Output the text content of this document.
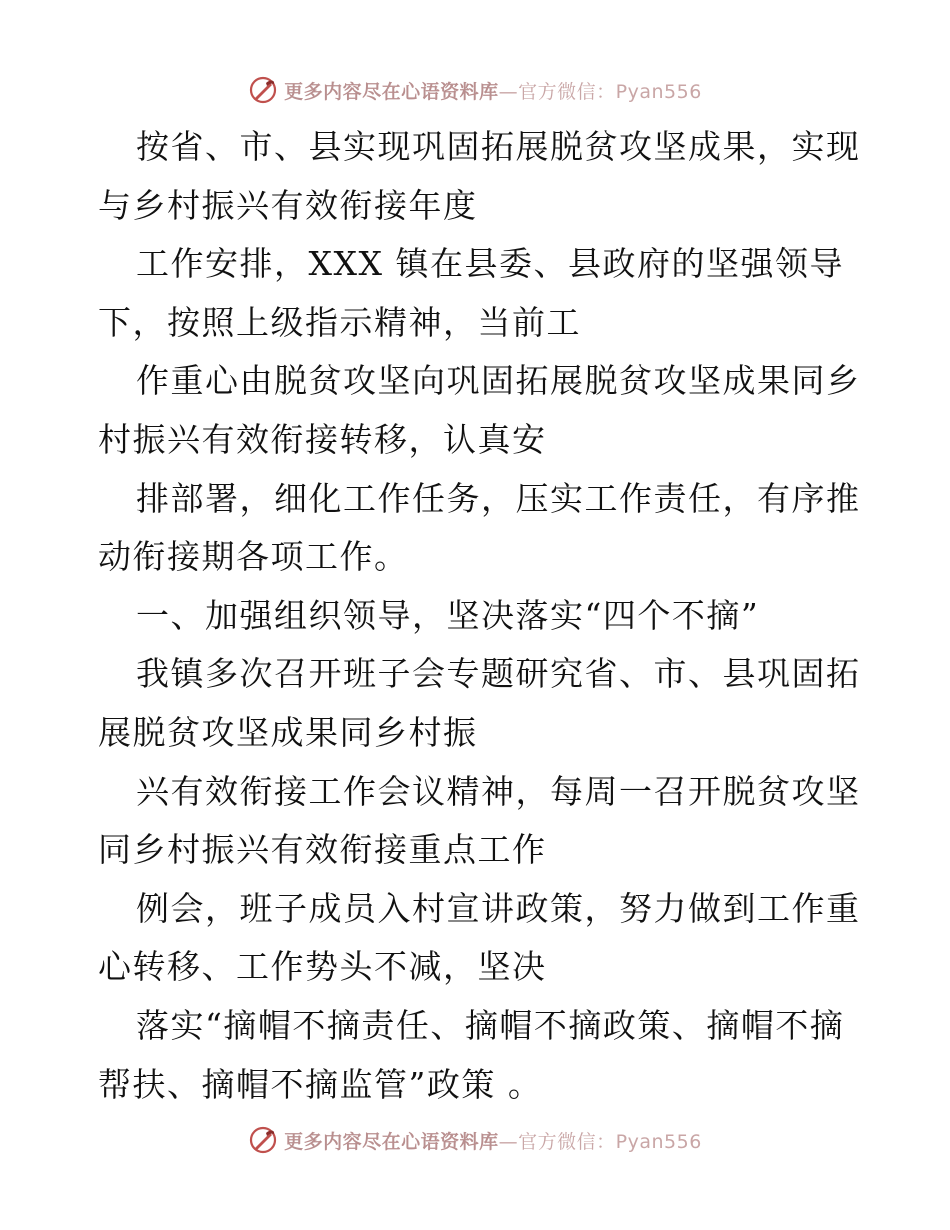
更多内容尽在心语资料库—官方微信：Pyan556
按省、市、县实现巩固拓展脱贫攻坚成果，实现
与乡村振兴有效衔接年度
工作安排，XXX 镇在县委、县政府的坚强领导
下，按照上级指示精神，当前工
作重心由脱贫攻坚向巩固拓展脱贫攻坚成果同乡
村振兴有效衔接转移，认真安
排部署，细化工作任务，压实工作责任，有序推
动衔接期各项工作。
一、加强组织领导，坚决落实“四个不摘”
我镇多次召开班子会专题研究省、市、县巩固拓
展脱贫攻坚成果同乡村振
兴有效衔接工作会议精神，每周一召开脱贫攻坚
同乡村振兴有效衔接重点工作
例会，班子成员入村宣讲政策，努力做到工作重
心转移、工作势头不减，坚决
落实“摘帽不摘责任、摘帽不摘政策、摘帽不摘
帮扶、摘帽不摘监管”政策 。
更多内容尽在心语资料库—官方微信：Pyan556
